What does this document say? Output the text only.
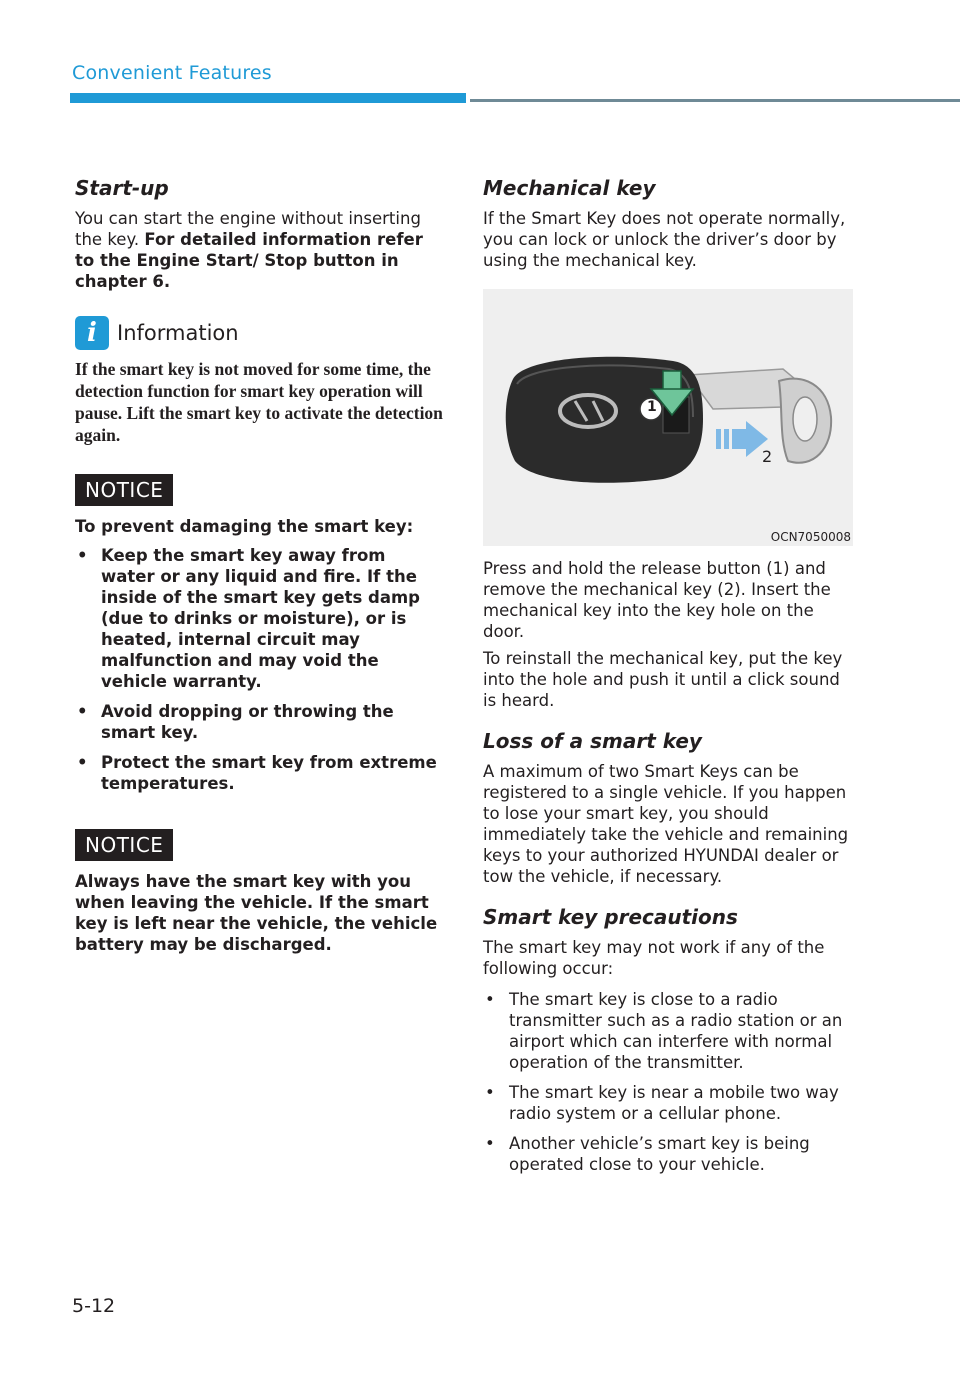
Convenient Features
Start-up

You can start the engine without inserting the key. For detailed information refer to the Engine Start/ Stop button in chapter 6.

i Information

If the smart key is not moved for some time, the detection function for smart key operation will pause. Lift the smart key to activate the detection again.

NOTICE

To prevent damaging the smart key:

• Keep the smart key away from water or any liquid and fire. If the inside of the smart key gets damp (due to drinks or moisture), or is heated, internal circuit may malfunction and may void the vehicle warranty.
• Avoid dropping or throwing the smart key.
• Protect the smart key from extreme temperatures.
NOTICE

Always have the smart key with you when leaving the vehicle. If the smart key is left near the vehicle, the vehicle battery may be discharged.

Mechanical key

If the Smart Key does not operate normally, you can lock or unlock the driver’s door by using the mechanical key.

1
2
OCN7050008

Press and hold the release button (1) and remove the mechanical key (2). Insert the mechanical key into the key hole on the door.

To reinstall the mechanical key, put the key into the hole and push it until a click sound is heard.

Loss of a smart key

A maximum of two Smart Keys can be registered to a single vehicle. If you happen to lose your smart key, you should immediately take the vehicle and remaining keys to your authorized HYUNDAI dealer or tow the vehicle, if necessary.

Smart key precautions

The smart key may not work if any of the following occur:

• The smart key is close to a radio transmitter such as a radio station or an airport which can interfere with normal operation of the transmitter.
• The smart key is near a mobile two way radio system or a cellular phone.
• Another vehicle’s smart key is being operated close to your vehicle.
5-12
